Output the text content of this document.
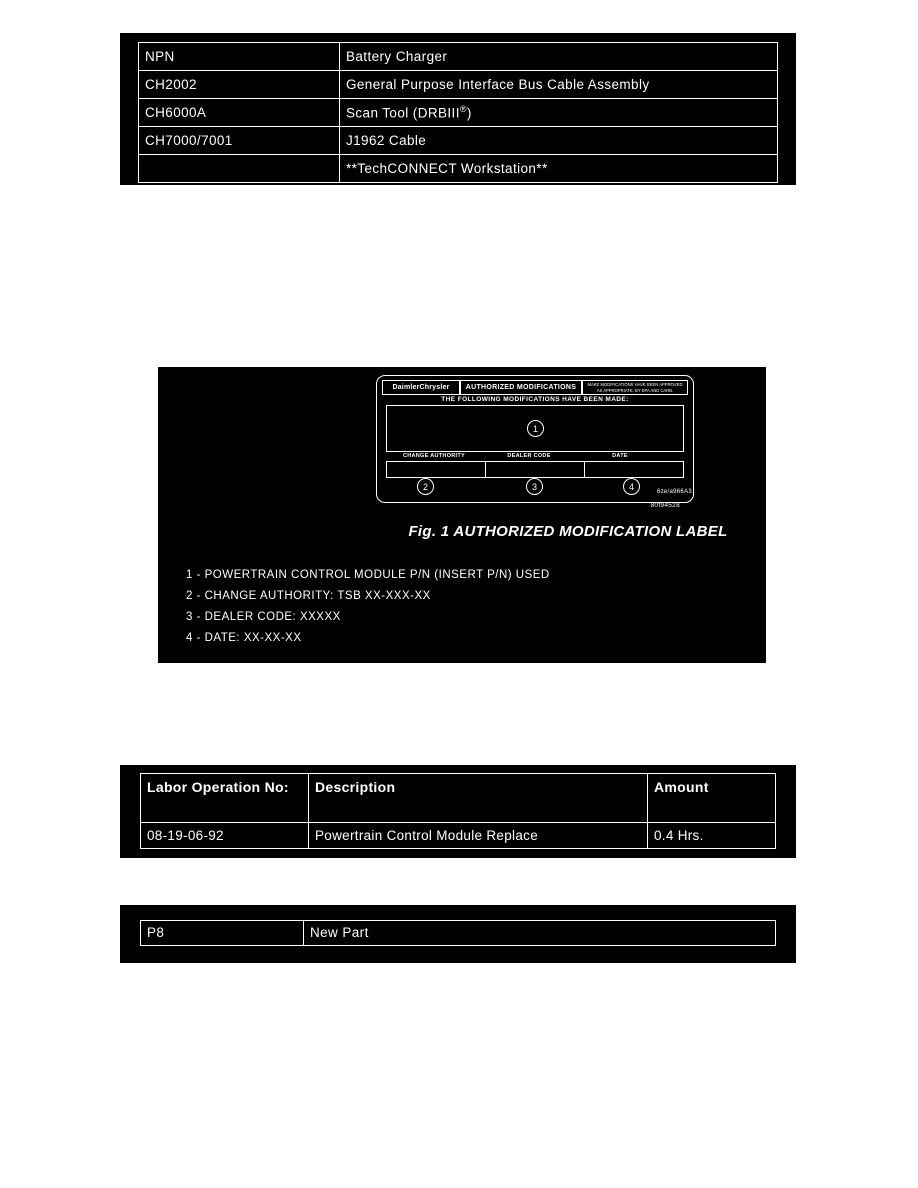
NPN	Battery Charger
CH2002	General Purpose Interface Bus Cable Assembly
CH6000A	Scan Tool (DRBIII®)
CH7000/7001	J1962 Cable
	**TechCONNECT Workstation**
DaimlerChrysler	AUTHORIZED MODIFICATIONS	MAKE MODIFICATIONS HAVE BEEN APPROVED AS APPROPRIATE, BY EPA AND CARB.
THE FOLLOWING MODIFICATIONS HAVE BEEN MADE:
1
CHANGE AUTHORITY	DEALER CODE	DATE
2	3	4
6ze/a966A3
80f94528
Fig. 1 AUTHORIZED MODIFICATION LABEL
1 - POWERTRAIN CONTROL MODULE P/N (INSERT P/N) USED
2 - CHANGE AUTHORITY: TSB XX-XXX-XX
3 - DEALER CODE: XXXXX
4 - DATE: XX-XX-XX
Labor Operation No:	Description	Amount
08-19-06-92	Powertrain Control Module Replace	0.4 Hrs.
P8	New Part
